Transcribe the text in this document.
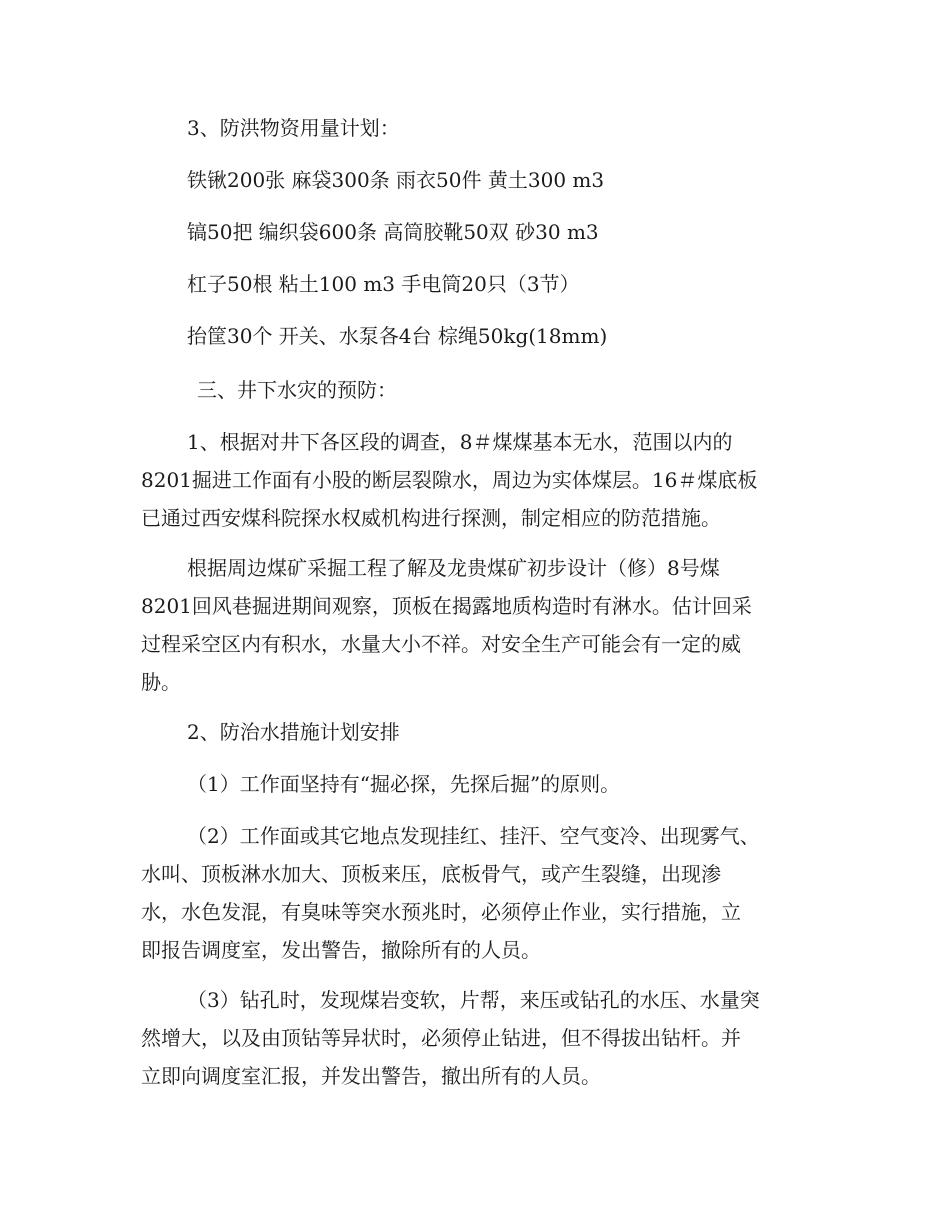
3、防洪物资用量计划：

铁锹200张 麻袋300条 雨衣50件 黄土300 m3

镐50把 编织袋600条 高筒胶靴50双 砂30 m3

杠子50根 粘土100 m3 手电筒20只（3节）

抬筐30个 开关、水泵各4台 棕绳50kg(18mm)

三、井下水灾的预防：

1、根据对井下各区段的调查，8＃煤煤基本无水，范围以内的

8201掘进工作面有小股的断层裂隙水，周边为实体煤层。16＃煤底板

已通过西安煤科院探水权威机构进行探测，制定相应的防范措施。

根据周边煤矿采掘工程了解及龙贵煤矿初步设计（修）8号煤

8201回风巷掘进期间观察，顶板在揭露地质构造时有淋水。估计回采

过程采空区内有积水，水量大小不祥。对安全生产可能会有一定的威

胁。

2、防治水措施计划安排

（1）工作面坚持有“掘必探，先探后掘”的原则。

（2）工作面或其它地点发现挂红、挂汗、空气变冷、出现雾气、

水叫、顶板淋水加大、顶板来压，底板骨气，或产生裂缝，出现渗

水，水色发混，有臭味等突水预兆时，必须停止作业，实行措施，立

即报告调度室，发出警告，撤除所有的人员。

（3）钻孔时，发现煤岩变软，片帮，来压或钻孔的水压、水量突

然增大，以及由顶钻等异状时，必须停止钻进，但不得拔出钻杆。并

立即向调度室汇报，并发出警告，撤出所有的人员。
